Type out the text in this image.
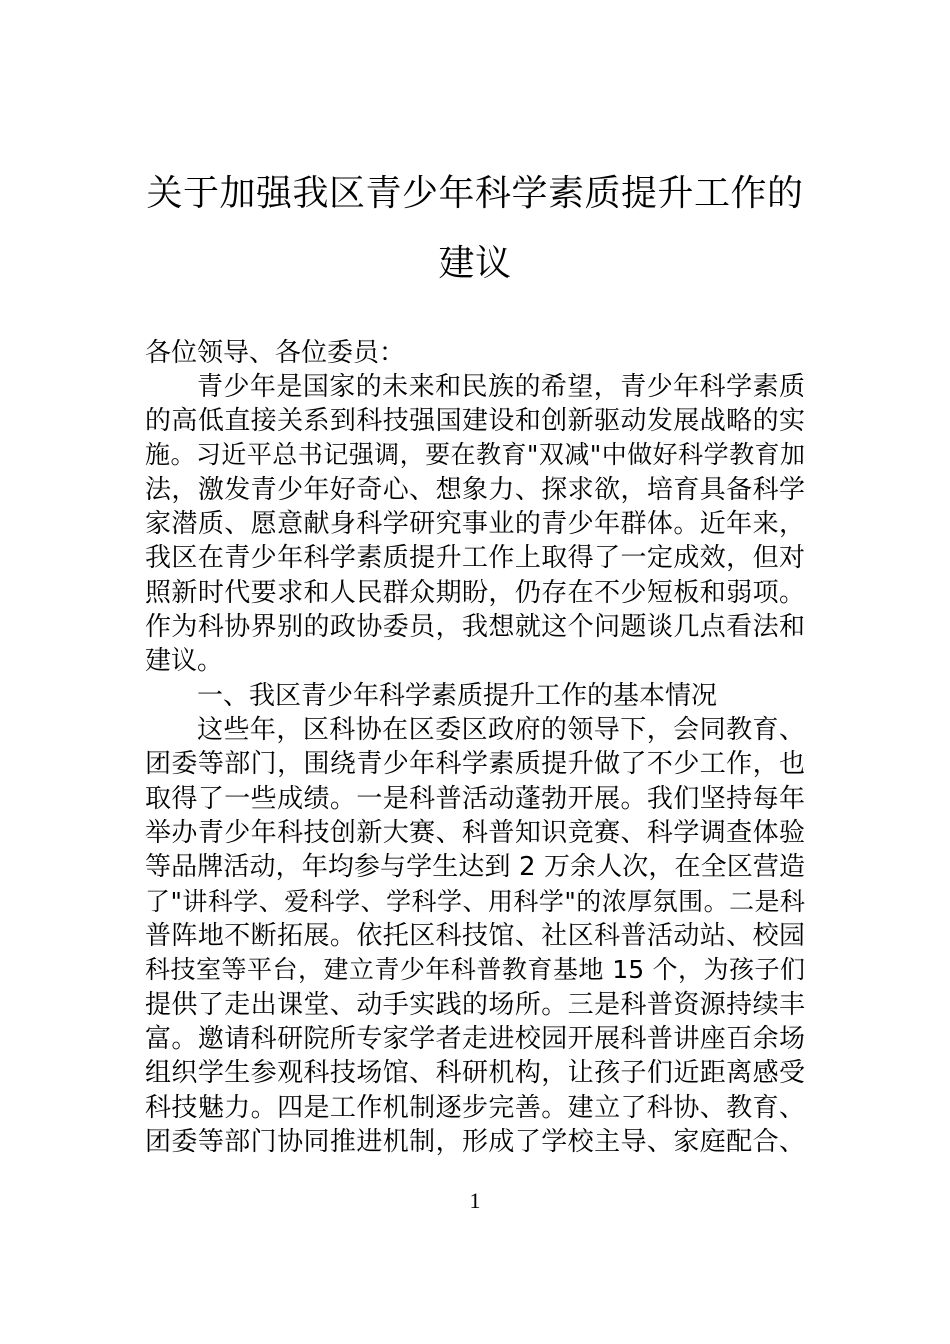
关于加强我区青少年科学素质提升工作的
建议
各位领导、各位委员：
青少年是国家的未来和民族的希望，青少年科学素质
的高低直接关系到科技强国建设和创新驱动发展战略的实
施。习近平总书记强调，要在教育"双减"中做好科学教育加
法，激发青少年好奇心、想象力、探求欲，培育具备科学
家潜质、愿意献身科学研究事业的青少年群体。近年来，
我区在青少年科学素质提升工作上取得了一定成效，但对
照新时代要求和人民群众期盼，仍存在不少短板和弱项。
作为科协界别的政协委员，我想就这个问题谈几点看法和
建议。
一、我区青少年科学素质提升工作的基本情况
这些年，区科协在区委区政府的领导下，会同教育、
团委等部门，围绕青少年科学素质提升做了不少工作，也
取得了一些成绩。一是科普活动蓬勃开展。我们坚持每年
举办青少年科技创新大赛、科普知识竞赛、科学调查体验
等品牌活动，年均参与学生达到 2 万余人次，在全区营造
了"讲科学、爱科学、学科学、用科学"的浓厚氛围。二是科
普阵地不断拓展。依托区科技馆、社区科普活动站、校园
科技室等平台，建立青少年科普教育基地 15 个，为孩子们
提供了走出课堂、动手实践的场所。三是科普资源持续丰
富。邀请科研院所专家学者走进校园开展科普讲座百余场
组织学生参观科技场馆、科研机构，让孩子们近距离感受
科技魅力。四是工作机制逐步完善。建立了科协、教育、
团委等部门协同推进机制，形成了学校主导、家庭配合、
1
